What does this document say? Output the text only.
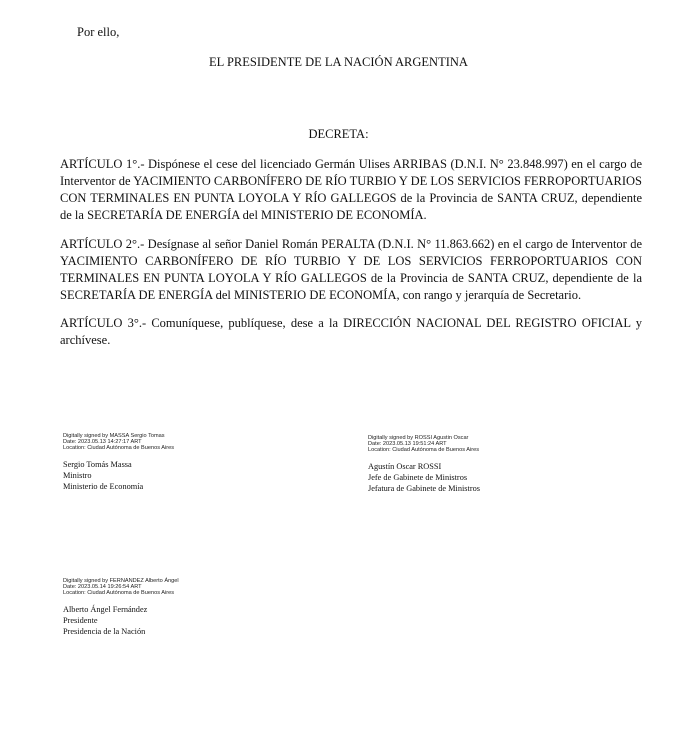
Por ello,
EL PRESIDENTE DE LA NACIÓN ARGENTINA
DECRETA:

ARTÍCULO 1°.- Dispónese el cese del licenciado Germán Ulises ARRIBAS (D.N.I. N° 23.848.997) en el cargo de Interventor de YACIMIENTO CARBONÍFERO DE RÍO TURBIO Y DE LOS SERVICIOS FERROPORTUARIOS CON TERMINALES EN PUNTA LOYOLA Y RÍO GALLEGOS de la Provincia de SANTA CRUZ, dependiente de la SECRETARÍA DE ENERGÍA del MINISTERIO DE ECONOMÍA.

ARTÍCULO 2°.- Desígnase al señor Daniel Román PERALTA (D.N.I. N° 11.863.662) en el cargo de Interventor de YACIMIENTO CARBONÍFERO DE RÍO TURBIO Y DE LOS SERVICIOS FERROPORTUARIOS CON TERMINALES EN PUNTA LOYOLA Y RÍO GALLEGOS de la Provincia de SANTA CRUZ, dependiente de la SECRETARÍA DE ENERGÍA del MINISTERIO DE ECONOMÍA, con rango y jerarquía de Secretario.

ARTÍCULO 3°.- Comuníquese, publíquese, dese a la DIRECCIÓN NACIONAL DEL REGISTRO OFICIAL y archívese.

Digitally signed by MASSA Sergio Tomas
Date: 2023.05.13 14:27:17 ART
Location: Ciudad Autónoma de Buenos Aires
Sergio Tomás Massa
Ministro
Ministerio de Economía
Digitally signed by ROSSI Agustin Oscar
Date: 2023.05.13 19:51:24 ART
Location: Ciudad Autónoma de Buenos Aires
Agustín Oscar ROSSI
Jefe de Gabinete de Ministros
Jefatura de Gabinete de Ministros
Digitally signed by FERNANDEZ Alberto Ángel
Date: 2023.05.14 19:26:54 ART
Location: Ciudad Autónoma de Buenos Aires
Alberto Ángel Fernández
Presidente
Presidencia de la Nación
